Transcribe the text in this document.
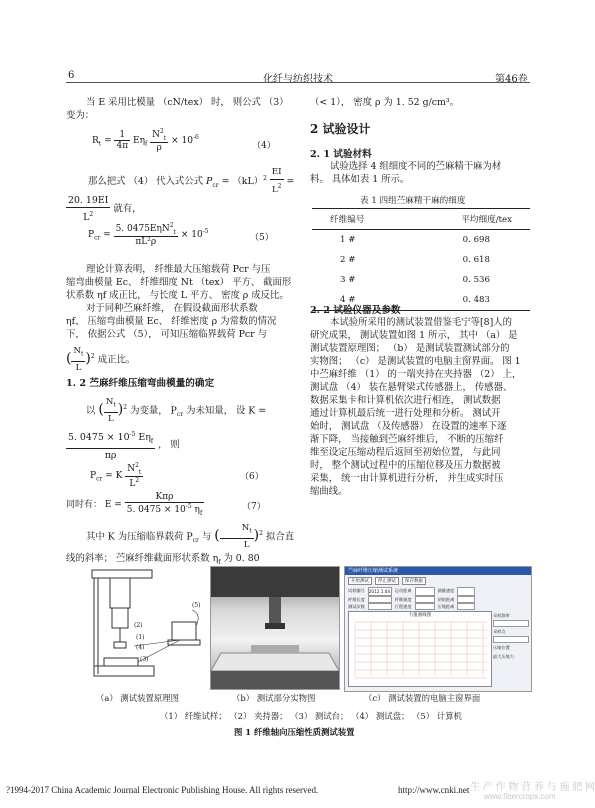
6	化纤与纺织技术	第46卷

当 E 采用比模量 （cN/tex） 时， 则公式 （3）

变为：

$R_t = \frac{1}{4\pi} E\eta_f \frac{N^2_t}{\rho} \times 10^{-6}$
（4）
那么把式 （4） 代入式公式 $P_{cr} = (kL)^2 \frac{EI}{L^2}$ =
$\frac{20. 19EI}{L^2}$ 就有，
$P_{cr} = \frac{5. 0475E\eta N^2_t}{\text{πL²ρ}} \times 10^{-5}$
（5）

理论计算表明， 纤维最大压缩载荷 Pcr 与压

缩弯曲模量 Ec、 纤维细度 Nt （tex） 平方、 截面形

状系数 ηf 成正比， 与长度 L 平方、 密度 ρ 成反比。

对于同种苎麻纤维， 在假设截面形状系数

ηf、 压缩弯曲模量 Ec、 纤维密度 ρ 为常数的情况

下， 依据公式 （5）， 可知压缩临界载荷 Pcr 与

( $\frac{N_t}{L} )^2$ 成正比。
1. 2 苎麻纤维压缩弯曲模量的确定
以 ( $\frac{N_t}{L} )^2$ 为变量， $P_{cr}$ 为未知量， 设 K =
$\frac{5. 0475 \times 10^{-5} E\eta_f}{\pi\rho}$ ， 则
$P_{cr} = K \frac{N^2_t}{L^2}$	（6）
同时有： $E = \frac{\text{Kπρ}}{5. 0475 \times 10^{-5} \eta_f}$	（7）

其中 K 为压缩临界载荷 $P_{cr}$ 与 ( $\frac{N_t}{L} )^2$ 拟合直

线的斜率； 苎麻纤维截面形状系数 $\eta_f$ 为 0. 80

（< 1）， 密度 ρ 为 1. 52 g/cm³。
2 试验设计
2. 1 试验材料

试验选择 4 组细度不同的苎麻精干麻为材

料。 具体如表 1 所示。

表 1 四组苎麻精干麻的细度
纤维编号	平均细度/tex
1 #	0. 698
2 #	0. 618
3 #	0. 536
4 #	0. 483
2. 2 试验仪器及参数

本试验所采用的测试装置借鉴毛宁等[8]人的

研究成果， 测试装置如图 1 所示， 其中 （a） 是

测试装置原理图； （b） 是测试装置测试部分的

实物图； （c） 是测试装置的电脑主窗界面。 图 1

中苎麻纤维 （1） 的一端夹持在夹持器 （2） 上，

测试盘 （4） 装在悬臂梁式传感器上， 传感器、

数据采集卡和计算机依次进行相连， 测试数据

通过计算机最后统一进行处理和分析。 测试开

始时， 测试盘 （及传感器） 在设置的速率下逐

渐下降， 当接触到苎麻纤维后， 不断的压缩纤

维至设定压缩动程后返回至初始位置， 与此同

时， 整个测试过程中的压缩位移及压力数据被

采集， 统一由计算机进行分析， 并生成实时压

缩曲线。

(5)
(2)
(1)
(4)
(3)
苎麻纤维压缩测试系统
开始测试	停止测试	保存数据
试样编号 2012.1.04	运动距离	测量速度
纤维长度	纤维细度	初始距离
测试次数	行程速度	压缩距离
力值曲线图	采样频率
采样点
压缩位置
最大压缩力
（a） 测试装置原理图	（b） 测试部分实物图	（c） 测试装置的电脑主窗界面
（1） 纤维试样； （2） 夹持器； （3） 测试台； （4） 测试盘； （5） 计算机
图 1 纤维轴向压缩性质测试装置
?1994-2017 China Academic Journal Electronic Publishing House. All rights reserved.	http://www.cnki.net 生 产 作 物 营 养 与 施 肥 网
www.fibercrops.com
